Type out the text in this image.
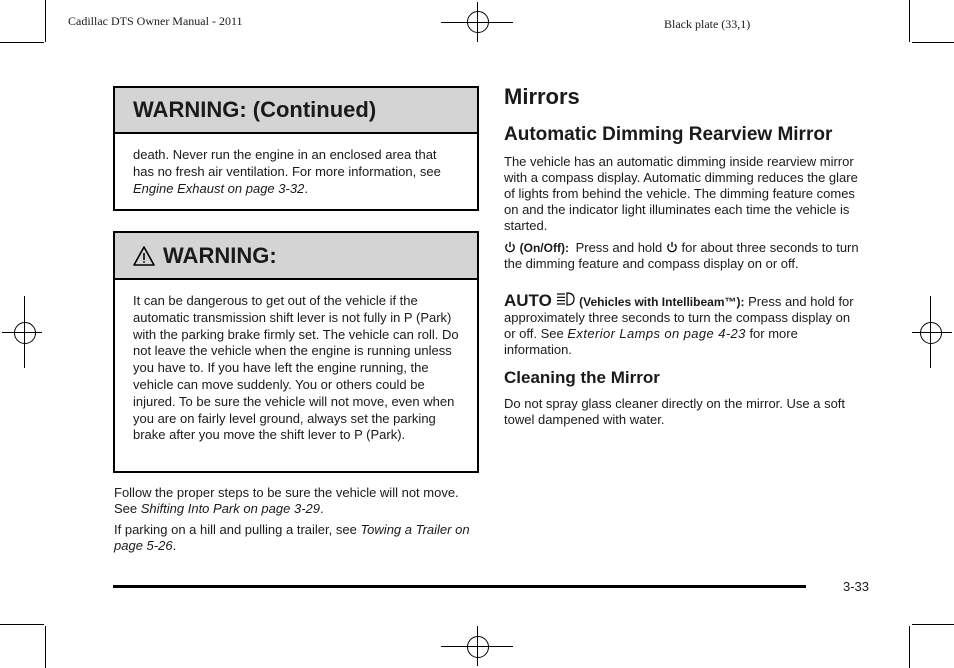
Cadillac DTS Owner Manual - 2011	Black plate (33,1)
WARNING: (Continued)
death. Never run the engine in an enclosed area that has no fresh air ventilation. For more information, see Engine Exhaust on page 3-32.
WARNING:
It can be dangerous to get out of the vehicle if the automatic transmission shift lever is not fully in P (Park) with the parking brake firmly set. The vehicle can roll. Do not leave the vehicle when the engine is running unless you have to. If you have left the engine running, the vehicle can move suddenly. You or others could be injured. To be sure the vehicle will not move, even when you are on fairly level ground, always set the parking brake after you move the shift lever to P (Park).
Follow the proper steps to be sure the vehicle will not move. See Shifting Into Park on page 3-29.
If parking on a hill and pulling a trailer, see Towing a Trailer on page 5-26.
Mirrors
Automatic Dimming Rearview Mirror

The vehicle has an automatic dimming inside rearview mirror with a compass display. Automatic dimming reduces the glare of lights from behind the vehicle. The dimming feature comes on and the indicator light illuminates each time the vehicle is started.

(On/Off): Press and hold for about three seconds to turn the dimming feature and compass display on or off.
AUTO (Vehicles with Intellibeam™): Press and hold for approximately three seconds to turn the compass display on or off. See Exterior Lamps on page 4-23 for more information.
Cleaning the Mirror

Do not spray glass cleaner directly on the mirror. Use a soft towel dampened with water.

3-33
